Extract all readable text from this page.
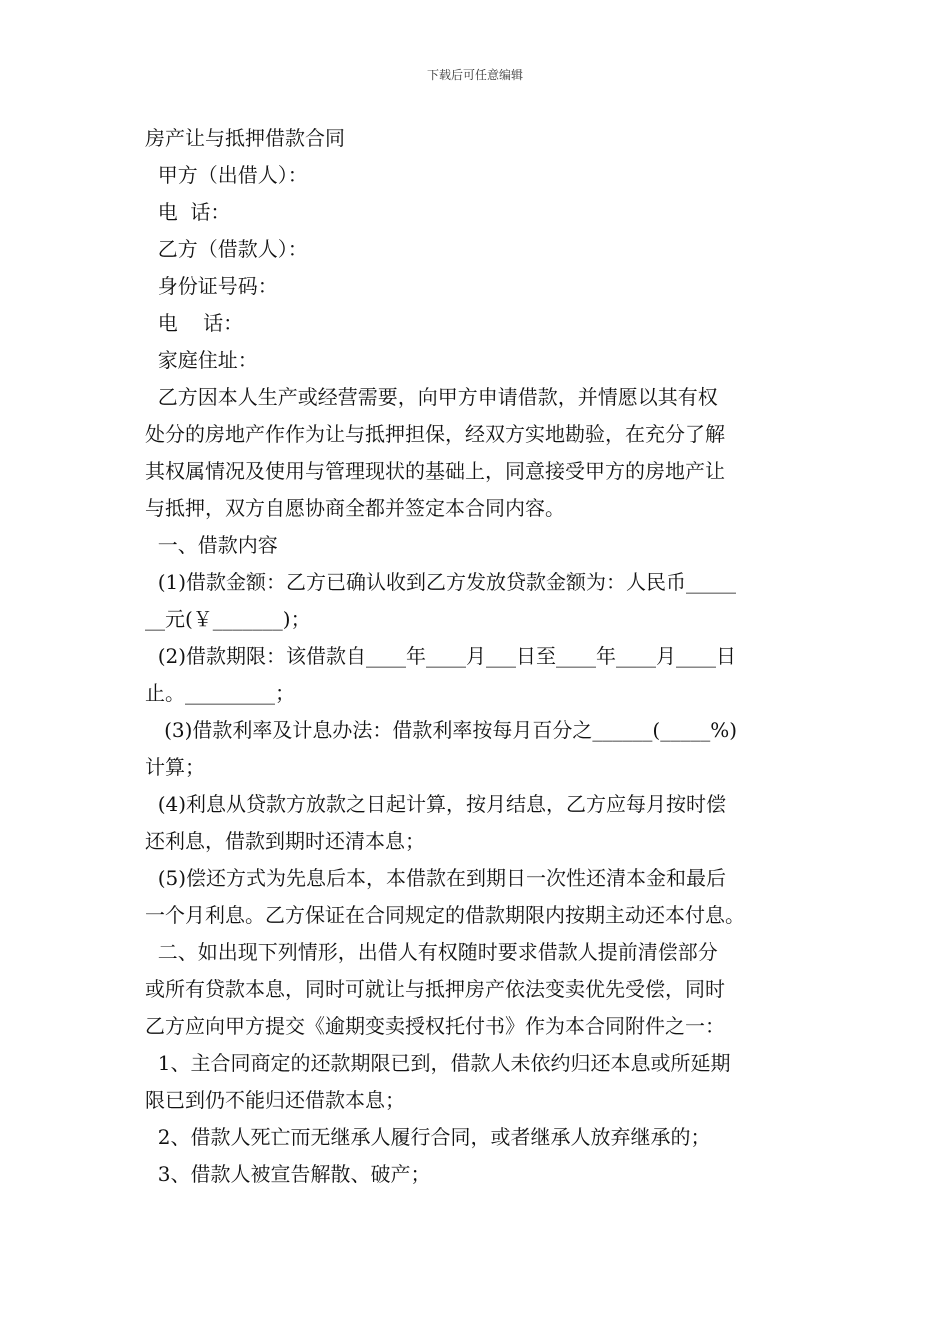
下载后可任意编辑

房产让与抵押借款合同

甲方（出借人）：

电  话：

乙方（借款人）：

身份证号码：

电    话：

家庭住址：

乙方因本人生产或经营需要，向甲方申请借款，并情愿以其有权

处分的房地产作作为让与抵押担保，经双方实地勘验，在充分了解

其权属情况及使用与管理现状的基础上，同意接受甲方的房地产让

与抵押，双方自愿协商全都并签定本合同内容。

一、借款内容

(1)借款金额：乙方已确认收到乙方发放贷款金额为：人民币_____

__元(￥_______)；

(2)借款期限：该借款自____年____月___日至____年____月____日

止。_________；

(3)借款利率及计息办法：借款利率按每月百分之______(_____%)

计算；

(4)利息从贷款方放款之日起计算，按月结息，乙方应每月按时偿

还利息，借款到期时还清本息；

(5)偿还方式为先息后本，本借款在到期日一次性还清本金和最后

一个月利息。乙方保证在合同规定的借款期限内按期主动还本付息。

二、如出现下列情形，出借人有权随时要求借款人提前清偿部分

或所有贷款本息，同时可就让与抵押房产依法变卖优先受偿，同时

乙方应向甲方提交《逾期变卖授权托付书》作为本合同附件之一：

1、主合同商定的还款期限已到，借款人未依约归还本息或所延期

限已到仍不能归还借款本息；

2、借款人死亡而无继承人履行合同，或者继承人放弃继承的；

3、借款人被宣告解散、破产；
